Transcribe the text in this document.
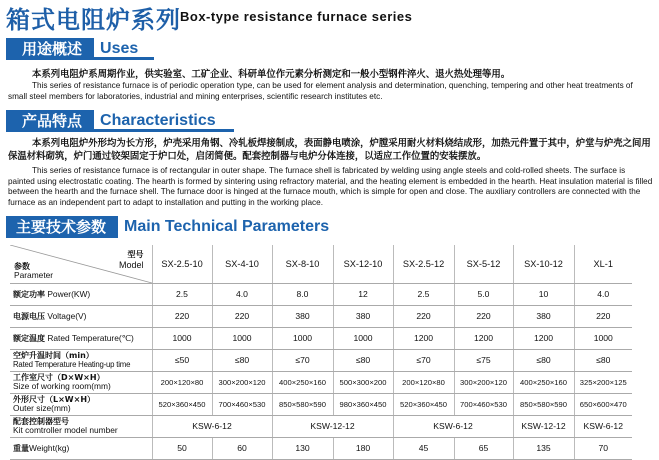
箱式电阻炉系列 Box-type resistance furnace series
用途概述	Uses
本系列电阻炉系周期作业，供实验室、工矿企业、科研单位作元素分析测定和一般小型钢件淬火、退火热处理等用。
This series of resistance furnace is of periodic operation type, can be used for element analysis and determination, quenching, tempering and other heat treatments of small steel members for laboratories, industrial and mining enterprises, scientific research institutes etc.
产品特点	Characteristics
本系列电阻炉外形均为长方形，炉壳采用角钢、冷轧板焊接制成，表面静电喷涂，炉膛采用耐火材料烧结成形，加热元件置于其中，炉堂与炉壳之间用保温材料砌筑，炉门通过铰架固定于炉口处，启闭简便。配套控制器与电炉分体连接，以适应工作位置的安装摆放。
This series of resistance furnace is of rectangular in outer shape. The furnace shell is fabricated by welding using angle steels and cold-rolled sheets. The surface is painted using electrostatic coating. The hearth is formed by sintering using refractory material, and the heating element is embedded in the hearth. Heat insulation material is filled between the hearth and the furnace shell. The furnace door is hinged at the furnace mouth, which is simple for open and close. The auxiliary controllers are connected with the furnace as an independent part to adapt to installation and putting in the working place.
主要技术参数	Main Technical Parameters
型号
Model
参数
Parameter	SX-2.5-10	SX-4-10	SX-8-10	SX-12-10	SX-2.5-12	SX-5-12	SX-10-12	XL-1
额定功率 Power(KW)	2.5	4.0	8.0	12	2.5	5.0	10	4.0
电源电压 Voltage(V)	220	220	380	380	220	220	380	220
额定温度 Rated Temperature(℃)	1000	1000	1000	1000	1200	1200	1200	1000
空炉升温时间（min）
Rated Temperature Heating-up time	≤50	≤80	≤70	≤80	≤70	≤75	≤80	≤80
工作室尺寸（D×W×H）
Size of working room(mm)	200×120×80	300×200×120	400×250×160	500×300×200	200×120×80	300×200×120	400×250×160	325×200×125
外形尺寸（L×W×H）
Outer size(mm)	520×360×450	700×460×530	850×580×590	980×360×450	520×360×450	700×460×530	850×580×590	650×600×470
配套控制器型号
Kit comtroller model number	KSW-6-12		KSW-12-12		KSW-6-12		KSW-12-12	KSW-6-12
重量Weight(kg)	50	60	130	180	45	65	135	70
